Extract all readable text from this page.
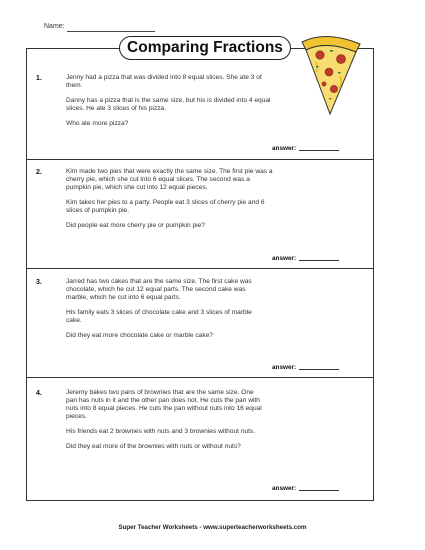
Name:
Comparing Fractions
1.	Jenny had a pizza that was divided into 8 equal slices. She ate 3 of them.

Danny has a pizza that is the same size, but his is divided into 4 equal slices. He ate 3 slices of his pizza.

Who ate more pizza?

answer:
2.	Kim made two pies that were exactly the same size. The first pie was a cherry pie, which she cut into 6 equal slices. The second was a pumpkin pie, which she cut into 12 equal pieces.

Kim takes her pies to a party. People eat 3 slices of cherry pie and 6 slices of pumpkin pie.

Did people eat more cherry pie or pumpkin pie?

answer:
3.	Jarred has two cakes that are the same size. The first cake was chocolate, which he cut 12 equal parts. The second cake was marble, which he cut into 6 equal parts.

His family eats 3 slices of chocolate cake and 3 slices of marble cake.

Did they eat more chocolate cake or marble cake?

answer:
4.	Jeremy bakes two pans of brownies that are the same size. One pan has nuts in it and the other pan does not. He cuts the pan with nuts into 8 equal pieces. He cuts the pan without nuts into 16 equal pieces.

His friends eat 2 brownies with nuts and 3 brownies without nuts.

Did they eat more of the brownies with nuts or without nuts?

answer:
Super Teacher Worksheets - www.superteacherworksheets.com
